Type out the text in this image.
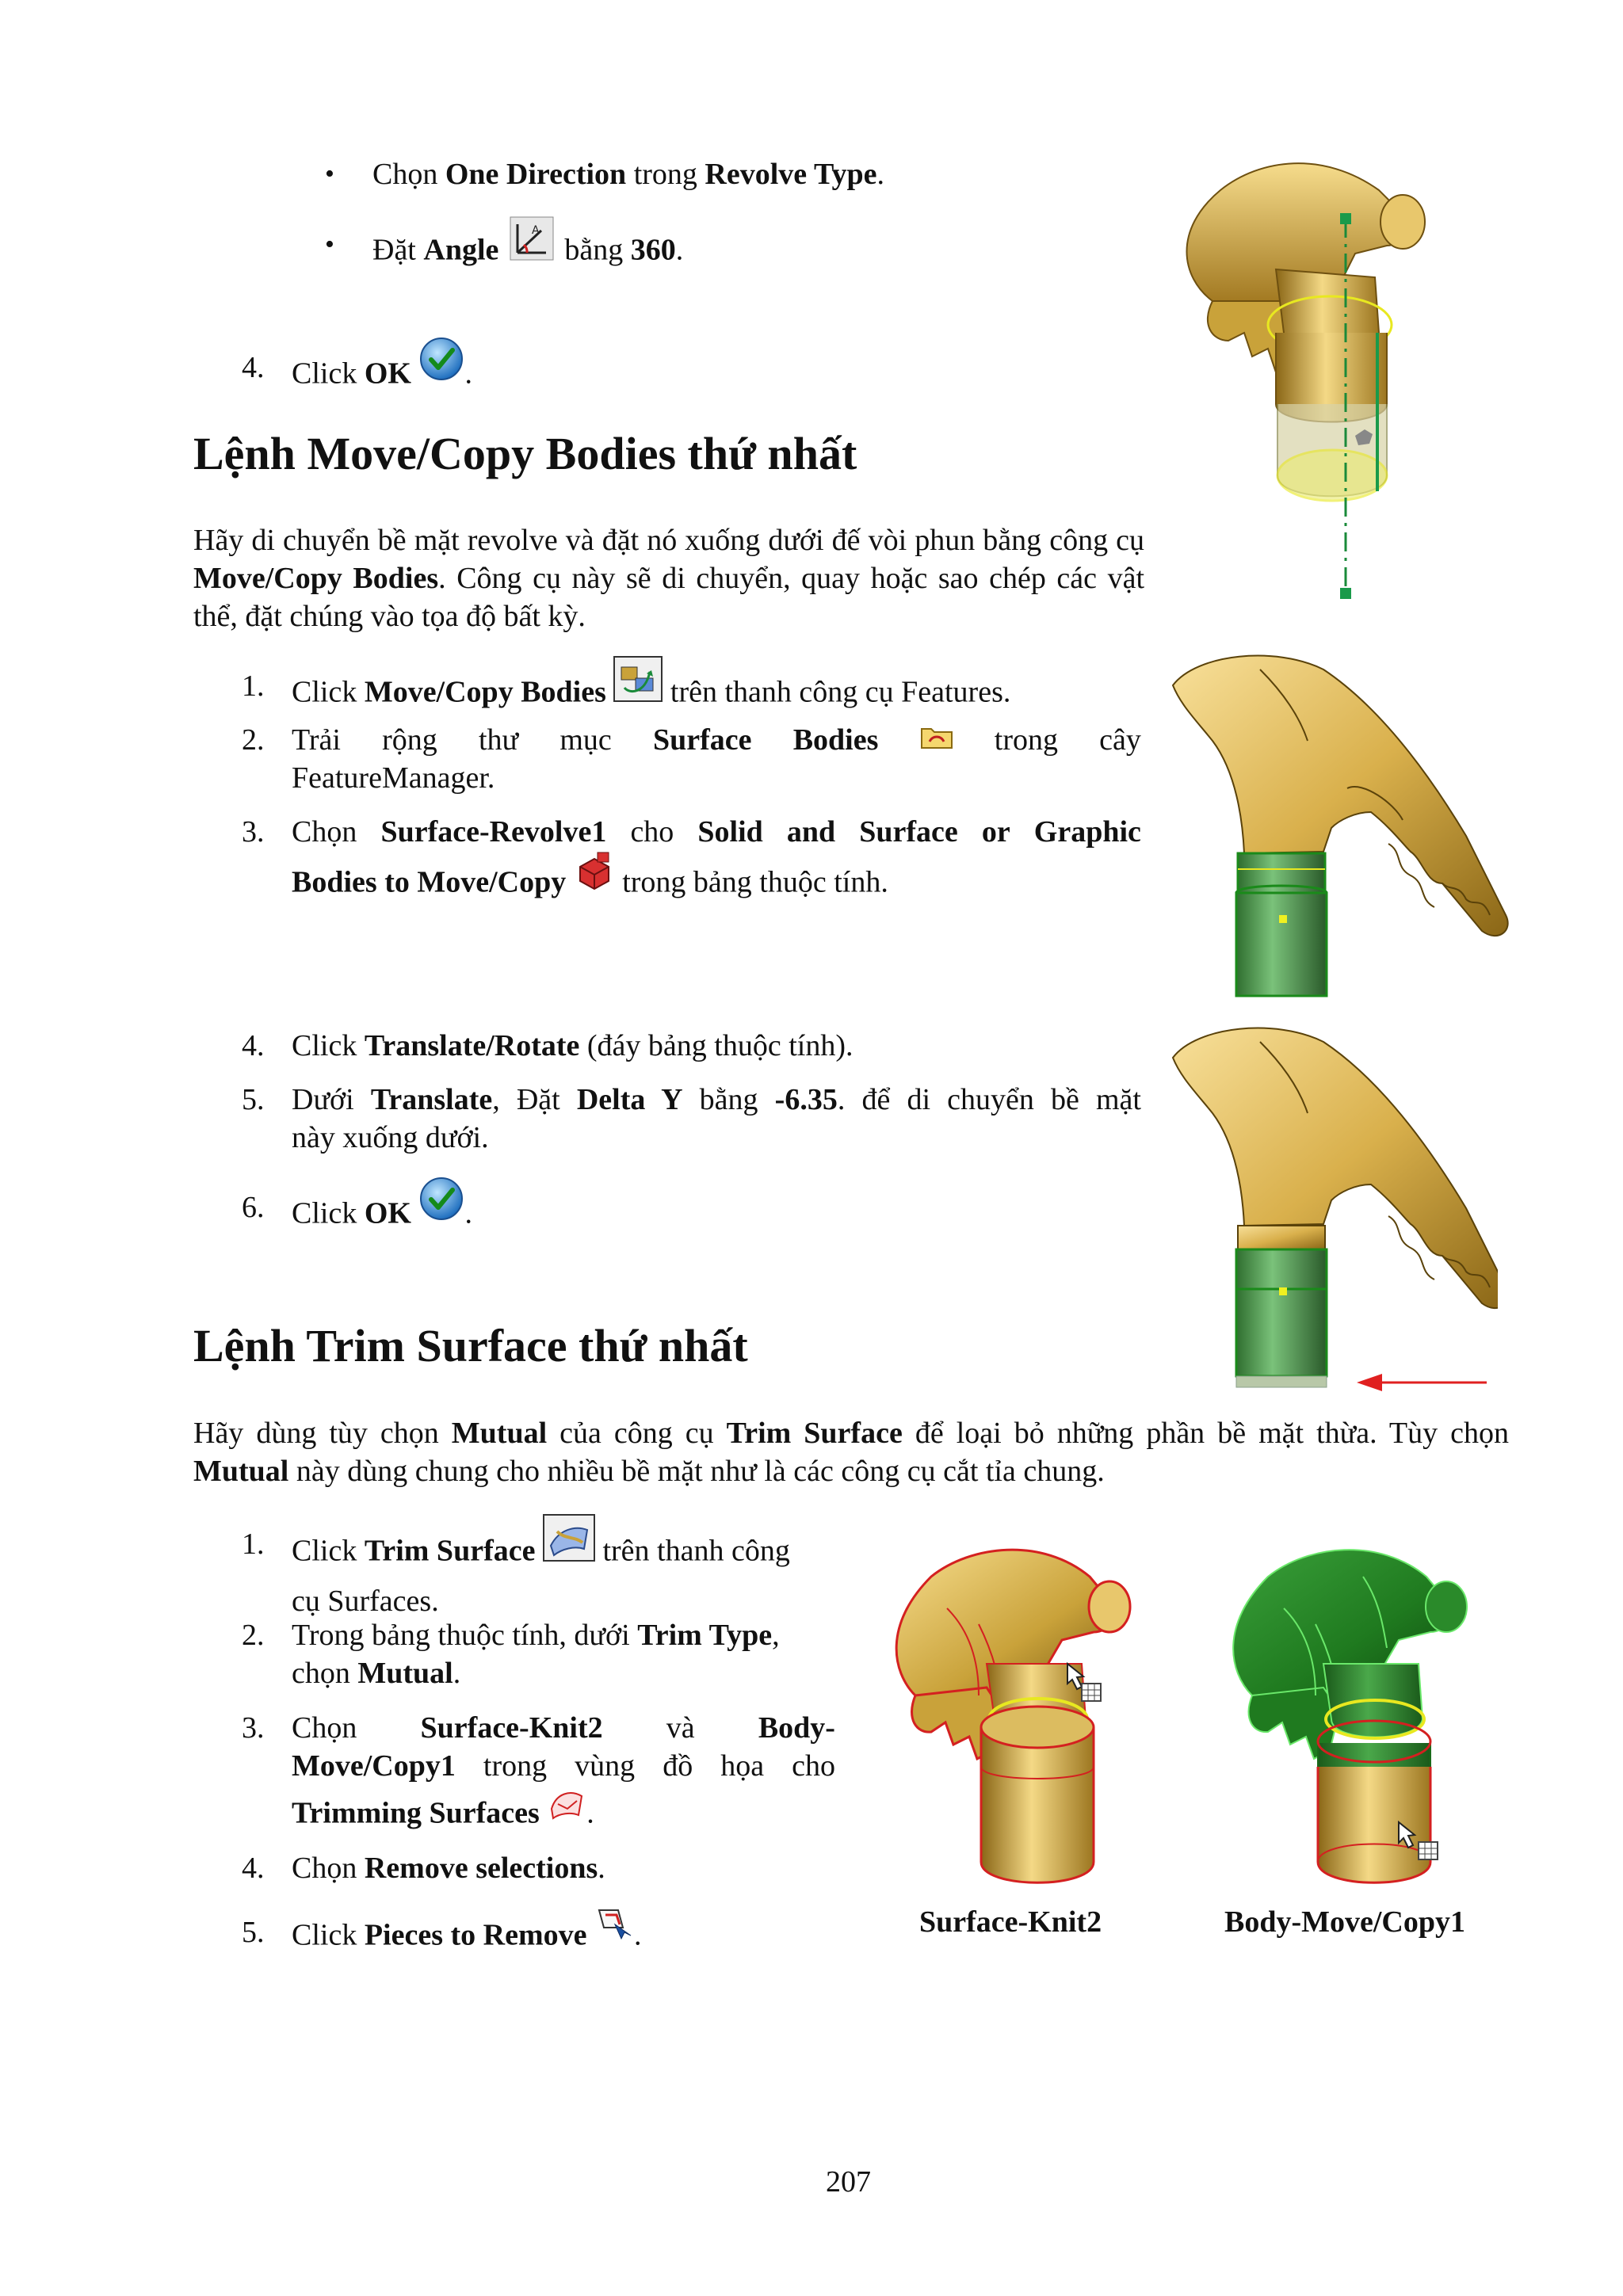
• Chọn One Direction trong Revolve Type.
• Đặt Angle
A
bằng 360.
4. Click OK .
Lệnh Move/Copy Bodies thứ nhất
Hãy di chuyển bề mặt revolve và đặt nó xuống dưới đế vòi phun bằng công cụ Move/Copy Bodies. Công cụ này sẽ di chuyển, quay hoặc sao chép các vật thể, đặt chúng vào tọa độ bất kỳ.
1. Click Move/Copy Bodies  trên thanh công cụ Features.
2. Trải rộng thư mục Surface Bodies	trong cây
FeatureManager.
3. Chọn Surface-Revolve1 cho Solid and Surface or Graphic
Bodies to Move/Copy  trong bảng thuộc tính.
4. Click Translate/Rotate (đáy bảng thuộc tính).
5. Dưới Translate, Đặt Delta Y bằng -6.35. để di chuyển bề mặt
này xuống dưới.
6. Click OK .
Lệnh Trim Surface thứ nhất
Hãy dùng tùy chọn Mutual của công cụ Trim Surface để loại bỏ những phần bề mặt thừa. Tùy chọn Mutual này dùng chung cho nhiều bề mặt như là các công cụ cắt tỉa chung.
1. Click Trim Surface  trên thanh công
cụ Surfaces.
2. Trong bảng thuộc tính, dưới Trim Type,
chọn Mutual.
3. Chọn Surface-Knit2 và Body-
Move/Copy1 trong vùng đồ họa cho
Trimming Surfaces .
4. Chọn Remove selections.
5. Click Pieces to Remove .	Surface-Knit2	Body-Move/Copy1
207
